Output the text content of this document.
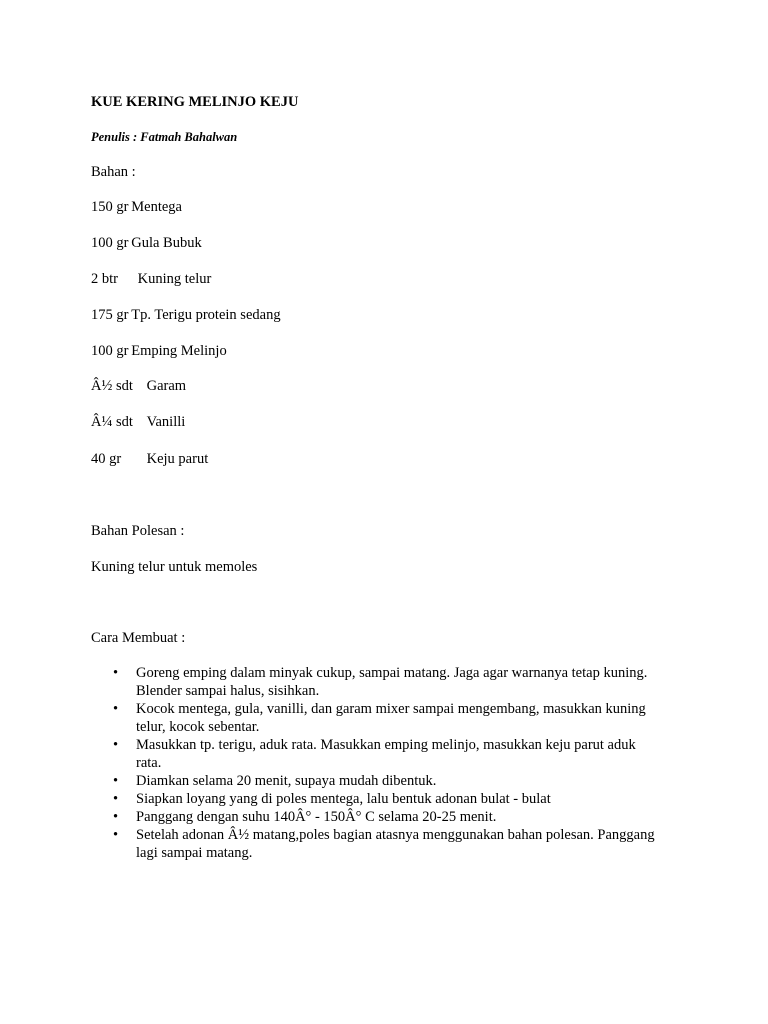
KUE KERING MELINJO KEJU
Penulis : Fatmah Bahalwan
Bahan :
150 gr Mentega
100 gr Gula Bubuk
2 btr Kuning telur
175 gr Tp. Terigu protein sedang
100 gr Emping Melinjo
Â½ sdt Garam
Â¼ sdt Vanilli
40 gr Keju parut
Bahan Polesan :
Kuning telur untuk memoles
Cara Membuat :
• Goreng emping dalam minyak cukup, sampai matang. Jaga agar warnanya tetap kuning.
Blender sampai halus, sisihkan.
• Kocok mentega, gula, vanilli, dan garam mixer sampai mengembang, masukkan kuning
telur, kocok sebentar.
• Masukkan tp. terigu, aduk rata. Masukkan emping melinjo, masukkan keju parut aduk
rata.
• Diamkan selama 20 menit, supaya mudah dibentuk.
• Siapkan loyang yang di poles mentega, lalu bentuk adonan bulat - bulat
• Panggang dengan suhu 140Â° - 150Â° C selama 20-25 menit.
• Setelah adonan Â½ matang,poles bagian atasnya menggunakan bahan polesan. Panggang
lagi sampai matang.
